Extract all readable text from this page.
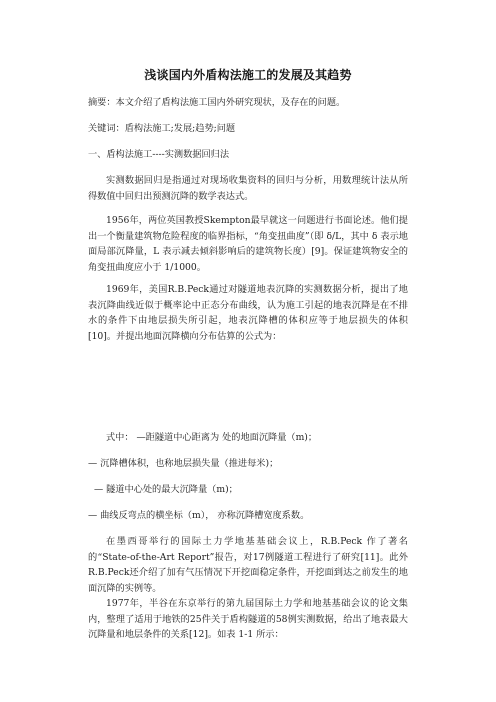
浅谈国内外盾构法施工的发展及其趋势
摘要：本文介绍了盾构法施工国内外研究现状，及存在的问题。
关键词：盾构法施工;发展;趋势;问题
一、盾构法施工----实测数据回归法
实测数据回归是指通过对现场收集资料的回归与分析，用数理统计法从所得数值中回归出预测沉降的数学表达式。
1956年，两位英国教授Skempton最早就这一问题进行书面论述。他们提出一个衡量建筑物危险程度的临界指标，“角变扭曲度”（即 δ/L，其中 δ 表示地面局部沉降量，L 表示减去倾斜影响后的建筑物长度）[9]。保证建筑物安全的角变扭曲度应小于 1/1000。
1969年，美国R.B.Peck通过对隧道地表沉降的实测数据分析，提出了地表沉降曲线近似于概率论中正态分布曲线，认为施工引起的地表沉降是在不排水的条件下由地层损失所引起，地表沉降槽的体积应等于地层损失的体积[10]。并提出地面沉降横向分布估算的公式为：
式中： —距隧道中心距离为 处的地面沉降量（m)；
— 沉降槽体积，也称地层损失量（推进每米)；
— 隧道中心处的最大沉降量（m)；
— 曲线反弯点的横坐标（m）， 亦称沉降槽宽度系数。
在墨西哥举行的国际土力学地基基础会议上，R.B.Peck 作了著名的“State-of-the-Art Report”报告，对17例隧道工程进行了研究[11]。此外R.B.Peck还介绍了加有气压情况下开挖面稳定条件，开挖面到达之前发生的地面沉降的实例等。
1977年，半谷在东京举行的第九届国际土力学和地基基础会议的论文集内，整理了适用于地铁的25件关于盾构隧道的58例实测数据，给出了地表最大沉降量和地层条件的关系[12]。如表 1-1 所示：
